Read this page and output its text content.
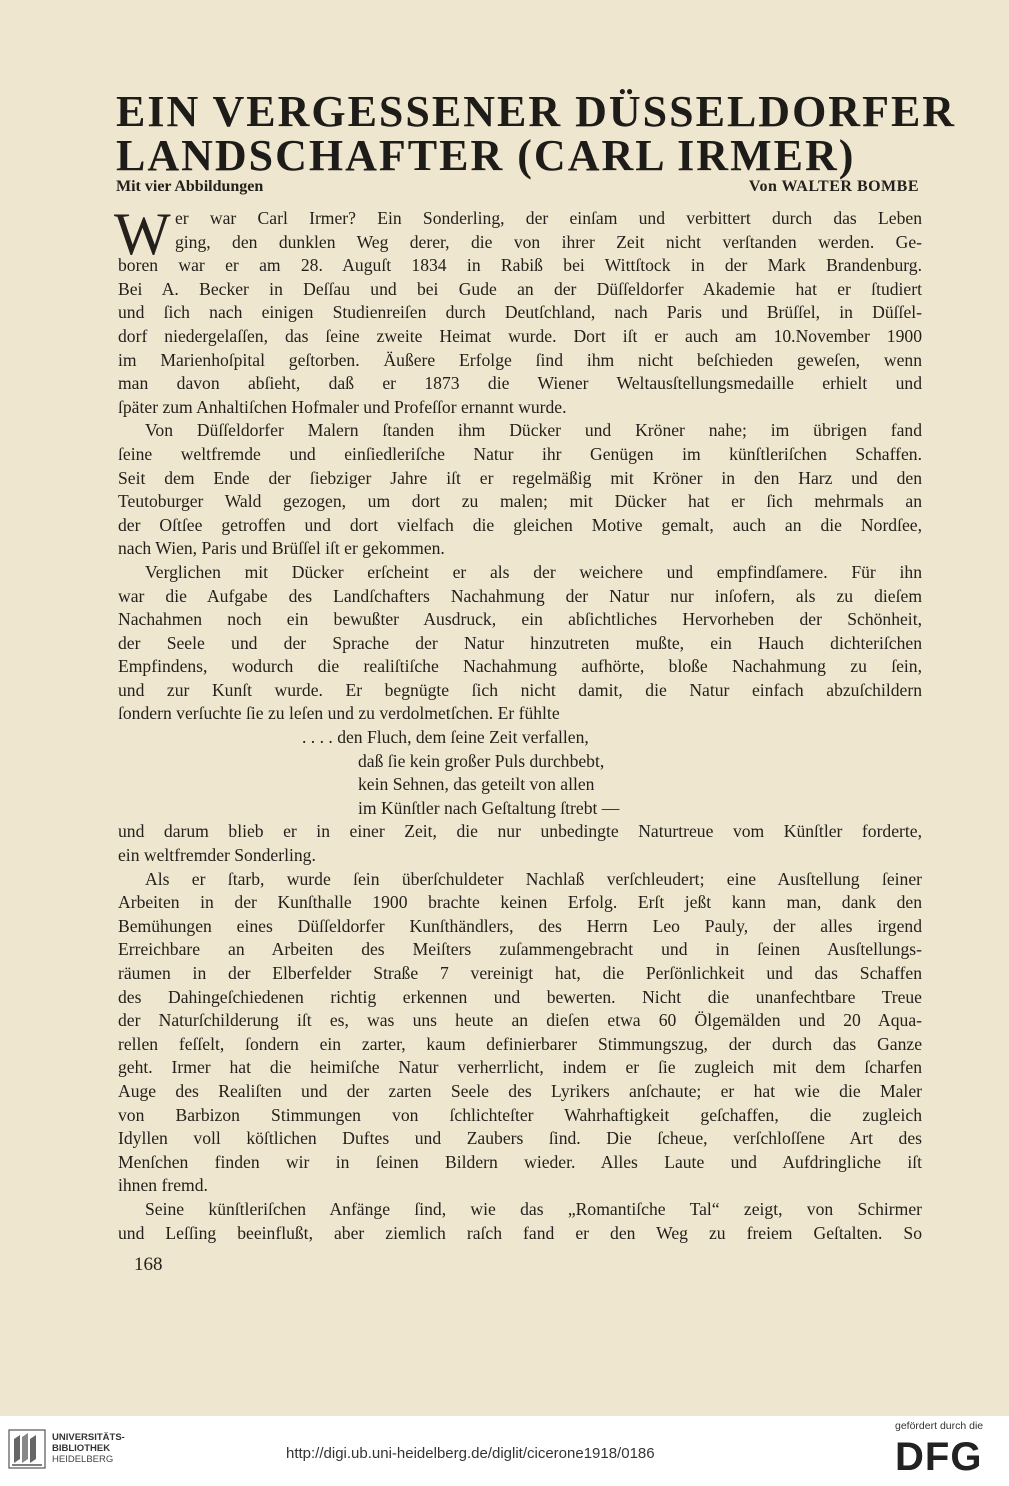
EIN VERGESSENER DÜSSELDORFER
LANDSCHAFTER (CARL IRMER)
Mit vier Abbildungen	Von WALTER BOMBE
W er war Carl Irmer? Ein Sonderling, der einſam und verbittert durch das Leben
ging, den dunklen Weg derer, die von ihrer Zeit nicht verſtanden werden. Ge-
boren war er am 28. Auguſt 1834 in Rabiß bei Wittſtock in der Mark Brandenburg.
Bei A. Becker in Deſſau und bei Gude an der Düſſeldorfer Akademie hat er ſtudiert
und ſich nach einigen Studienreiſen durch Deutſchland, nach Paris und Brüſſel, in Düſſel-
dorf niedergelaſſen, das ſeine zweite Heimat wurde. Dort iſt er auch am 10.November 1900
im Marienhoſpital geſtorben. Äußere Erfolge ſind ihm nicht beſchieden geweſen, wenn
man davon abſieht, daß er 1873 die Wiener Weltausſtellungsmedaille erhielt und
ſpäter zum Anhaltiſchen Hofmaler und Profeſſor ernannt wurde.
Von Düſſeldorfer Malern ſtanden ihm Dücker und Kröner nahe; im übrigen fand
ſeine weltfremde und einſiedleriſche Natur ihr Genügen im künſtleriſchen Schaffen.
Seit dem Ende der ſiebziger Jahre iſt er regelmäßig mit Kröner in den Harz und den
Teutoburger Wald gezogen, um dort zu malen; mit Dücker hat er ſich mehrmals an
der Oſtſee getroffen und dort vielfach die gleichen Motive gemalt, auch an die Nordſee,
nach Wien, Paris und Brüſſel iſt er gekommen.
Verglichen mit Dücker erſcheint er als der weichere und empfindſamere. Für ihn
war die Aufgabe des Landſchafters Nachahmung der Natur nur inſofern, als zu dieſem
Nachahmen noch ein bewußter Ausdruck, ein abſichtliches Hervorheben der Schönheit,
der Seele und der Sprache der Natur hinzutreten mußte, ein Hauch dichteriſchen
Empfindens, wodurch die realiſtiſche Nachahmung aufhörte, bloße Nachahmung zu ſein,
und zur Kunſt wurde. Er begnügte ſich nicht damit, die Natur einfach abzuſchildern
ſondern verſuchte ſie zu leſen und zu verdolmetſchen. Er fühlte
. . . . den Fluch, dem ſeine Zeit verfallen,
daß ſie kein großer Puls durchbebt,
kein Sehnen, das geteilt von allen
im Künſtler nach Geſtaltung ſtrebt —
und darum blieb er in einer Zeit, die nur unbedingte Naturtreue vom Künſtler forderte,
ein weltfremder Sonderling.
Als er ſtarb, wurde ſein überſchuldeter Nachlaß verſchleudert; eine Ausſtellung ſeiner
Arbeiten in der Kunſthalle 1900 brachte keinen Erfolg. Erſt jeßt kann man, dank den
Bemühungen eines Düſſeldorfer Kunſthändlers, des Herrn Leo Pauly, der alles irgend
Erreichbare an Arbeiten des Meiſters zuſammengebracht und in ſeinen Ausſtellungs-
räumen in der Elberfelder Straße 7 vereinigt hat, die Perſönlichkeit und das Schaffen
des Dahingeſchiedenen richtig erkennen und bewerten. Nicht die unanfechtbare Treue
der Naturſchilderung iſt es, was uns heute an dieſen etwa 60 Ölgemälden und 20 Aqua-
rellen feſſelt, ſondern ein zarter, kaum definierbarer Stimmungszug, der durch das Ganze
geht. Irmer hat die heimiſche Natur verherrlicht, indem er ſie zugleich mit dem ſcharfen
Auge des Realiſten und der zarten Seele des Lyrikers anſchaute; er hat wie die Maler
von Barbizon Stimmungen von ſchlichteſter Wahrhaftigkeit geſchaffen, die zugleich
Idyllen voll köſtlichen Duftes und Zaubers ſind. Die ſcheue, verſchloſſene Art des
Menſchen finden wir in ſeinen Bildern wieder. Alles Laute und Aufdringliche iſt
ihnen fremd.
Seine künſtleriſchen Anfänge ſind, wie das „Romantiſche Tal“ zeigt, von Schirmer
und Leſſing beeinflußt, aber ziemlich raſch fand er den Weg zu freiem Geſtalten. So
168
UNIVERSITÄTS-
BIBLIOTHEK
HEIDELBERG	http://digi.ub.uni-heidelberg.de/diglit/cicerone1918/0186
gefördert durch die
DFG
